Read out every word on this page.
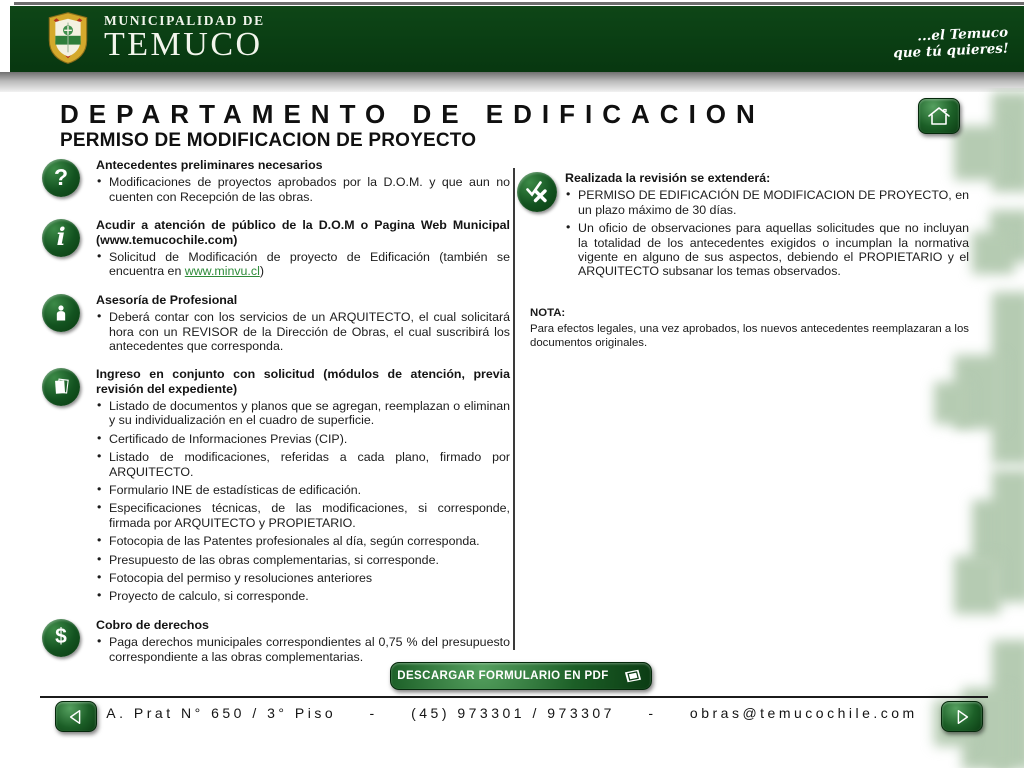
MUNICIPALIDAD DE
TEMUCO	...el Temuco
que tú quieres!
DEPARTAMENTO DE EDIFICACION
PERMISO DE MODIFICACION DE PROYECTO
? Antecedentes preliminares necesarios
• Modificaciones de proyectos aprobados por la D.O.M. y que aun no cuenten con Recepción de las obras.
i Acudir a atención de público de la D.O.M o Pagina Web Municipal (www.temucochile.com)
• Solicitud de Modificación de proyecto de Edificación (también se encuentra en www.minvu.cl)
Asesoría de Profesional
• Deberá contar con los servicios de un ARQUITECTO, el cual solicitará hora con un REVISOR de la Dirección de Obras, el cual suscribirá los antecedentes que corresponda.
Ingreso en conjunto con solicitud (módulos de atención, previa revisión del expediente)
• Listado de documentos y planos que se agregan, reemplazan o eliminan y su individualización en el cuadro de superficie.
• Certificado de Informaciones Previas (CIP).
• Listado de modificaciones, referidas a cada plano, firmado por ARQUITECTO.
• Formulario INE de estadísticas de edificación.
• Especificaciones técnicas, de las modificaciones, si corresponde, firmada por ARQUITECTO y PROPIETARIO.
• Fotocopia de las Patentes profesionales al día, según corresponda.
• Presupuesto de las obras complementarias, si corresponde.
• Fotocopia del permiso y resoluciones anteriores
• Proyecto de calculo, si corresponde.
$
Cobro de derechos
• Paga derechos municipales correspondientes al 0,75 % del presupuesto correspondiente a las obras complementarias.
Realizada la revisión se extenderá:
• PERMISO DE EDIFICACIÓN DE MODIFICACION DE PROYECTO, en un plazo máximo de 30 días.
• Un oficio de observaciones para aquellas solicitudes que no incluyan la totalidad de los antecedentes exigidos o incumplan la normativa vigente en alguno de sus aspectos, debiendo el PROPIETARIO y el ARQUITECTO subsanar los temas observados.
NOTA:
Para efectos legales, una vez aprobados, los nuevos antecedentes reemplazaran a los documentos originales.
DESCARGAR FORMULARIO EN PDF
A. Prat N° 650 / 3° Piso - (45) 973301 / 973307 - obras@temucochile.com
